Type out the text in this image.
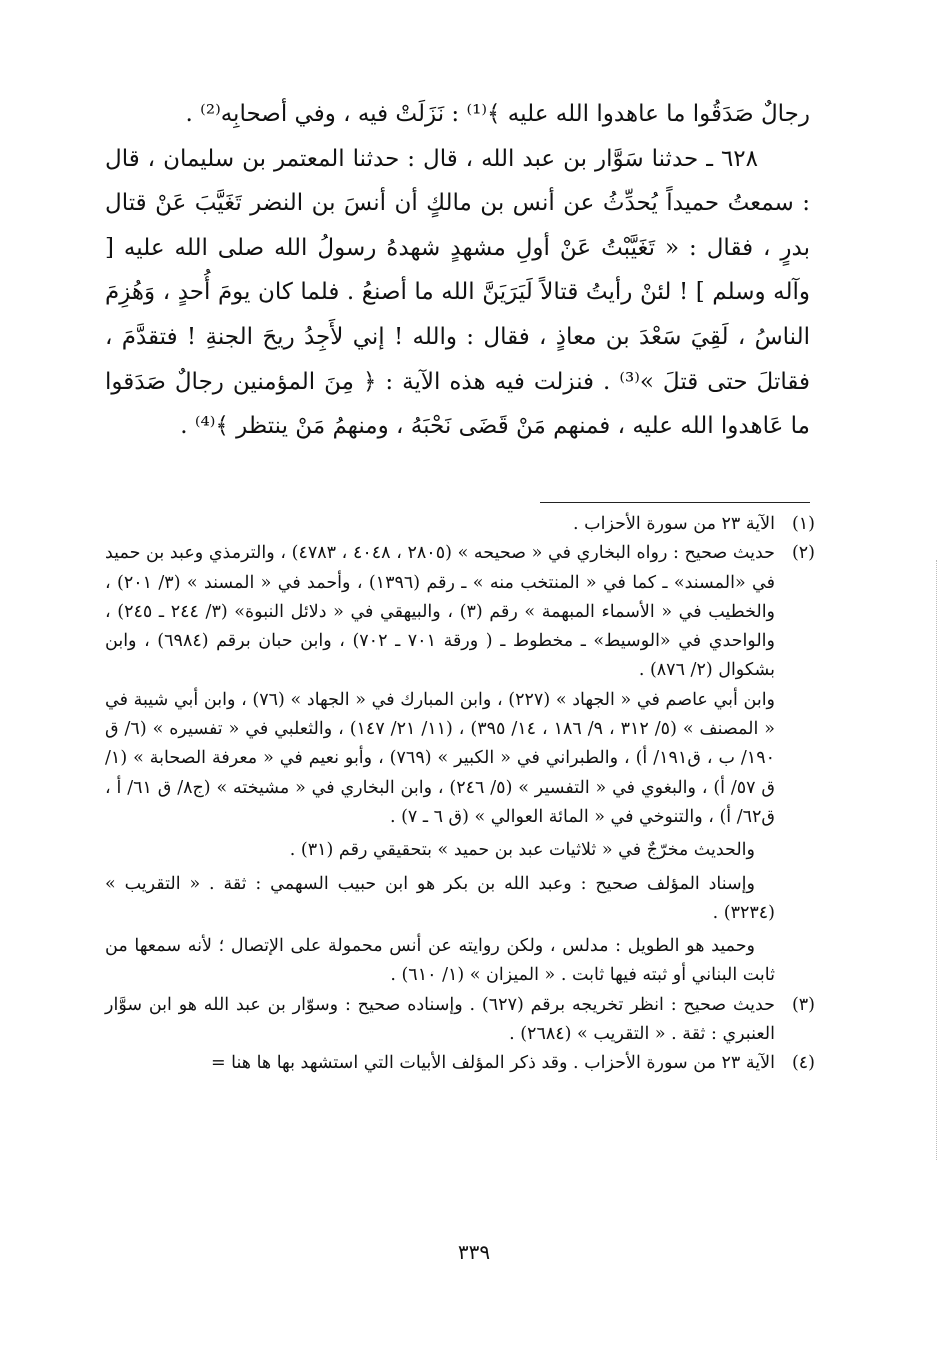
رجالٌ صَدَقُوا ما عاهدوا الله عليه ﴾⁽¹⁾ : نَزَلَتْ فيه ، وفي أصحابِه⁽²⁾ .

٦٢٨ ـ حدثنا سَوَّار بن عبد الله ، قال : حدثنا المعتمر بن سليمان ، قال : سمعتُ حميداً يُحدِّثُ عن أنس بن مالكٍ أن أنسَ بن النضر تَغَيَّبَ عَنْ قتال بدرٍ ، فقال : « تَغَيَّبْتُ عَنْ أولِ مشهدٍ شهدهُ رسولُ الله صلى الله عليه [ وآله وسلم ] ! لئنْ رأيتُ قتالاً لَيَرَيَنَّ الله ما أصنعُ . فلما كان يومَ أُحدٍ ، وَهُزِمَ الناسُ ، لَقِيَ سَعْدَ بن معاذٍ ، فقال : والله ! إني لأَجِدُ ريحَ الجنةِ ! فتقدَّمَ ، فقاتلَ حتى قتلَ »⁽³⁾ . فنزلت فيه هذه الآية : ﴿ مِنَ المؤمنين رجالٌ صَدَقوا ما عَاهدوا الله عليه ، فمنهم مَنْ قَضَى نَحْبَهُ ، ومنهمُ مَنْ ينتظر ﴾⁽⁴⁾ .

(١)
الآية ٢٣ من سورة الأحزاب .
(٢)
حديث صحيح : رواه البخاري في « صحيحه » (٢٨٠٥ ، ٤٠٤٨ ، ٤٧٨٣) ، والترمذي وعبد بن حميد في «المسند» ـ كما في « المنتخب منه » ـ رقم (١٣٩٦) ، وأحمد في « المسند » (٣/ ٢٠١) ، والخطيب في « الأسماء المبهمة » رقم (٣) ، والبيهقي في « دلائل النبوة» (٣/ ٢٤٤ ـ ٢٤٥) ، والواحدي في «الوسيط» ـ مخطوط ـ ( ورقة ٧٠١ ـ ٧٠٢) ، وابن حبان برقم (٦٩٨٤) ، وابن بشكوال (٢/ ٨٧٦) .
وابن أبي عاصم في « الجهاد » (٢٢٧) ، وابن المبارك في « الجهاد » (٧٦) ، وابن أبي شيبة في « المصنف » (٥/ ٣١٢ ، ٩/ ١٨٦ ، ١٤/ ٣٩٥) ، (١١/ ٢١/ ١٤٧) ، والثعلبي في « تفسيره » (٦/ ق ١٩٠/ ب ، ق١٩١/ أ) ، والطبراني في « الكبير » (٧٦٩) ، وأبو نعيم في « معرفة الصحابة » (١/ ق ٥٧/ أ) ، والبغوي في « التفسير » (٥/ ٢٤٦) ، وابن البخاري في « مشيخته » (ج٨/ ق ٦١/ أ ، ق٦٢/ أ) ، والتنوخي في « المائة العوالي » (ق ٦ ـ ٧) .
والحديث مخرّجٌ في « ثلاثيات عبد بن حميد » بتحقيقي رقم (٣١) .
وإسناد المؤلف صحيح : وعبد الله بن بكر هو ابن حبيب السهمي : ثقة . « التقريب » (٣٢٣٤) .
وحميد هو الطويل : مدلس ، ولكن روايته عن أنس محمولة على الإتصال ؛ لأنه سمعها من ثابت البناني أو ثبته فيها ثابت . « الميزان » (١/ ٦١٠) .
(٣)
حديث صحيح : انظر تخريجه برقم (٦٢٧) . وإسناده صحيح : وسوّار بن عبد الله هو ابن سوَّار العنبري : ثقة . « التقريب » (٢٦٨٤) .
(٤)
الآية ٢٣ من سورة الأحزاب . وقد ذكر المؤلف الأبيات التي استشهد بها ها هنا =
٣٣٩
